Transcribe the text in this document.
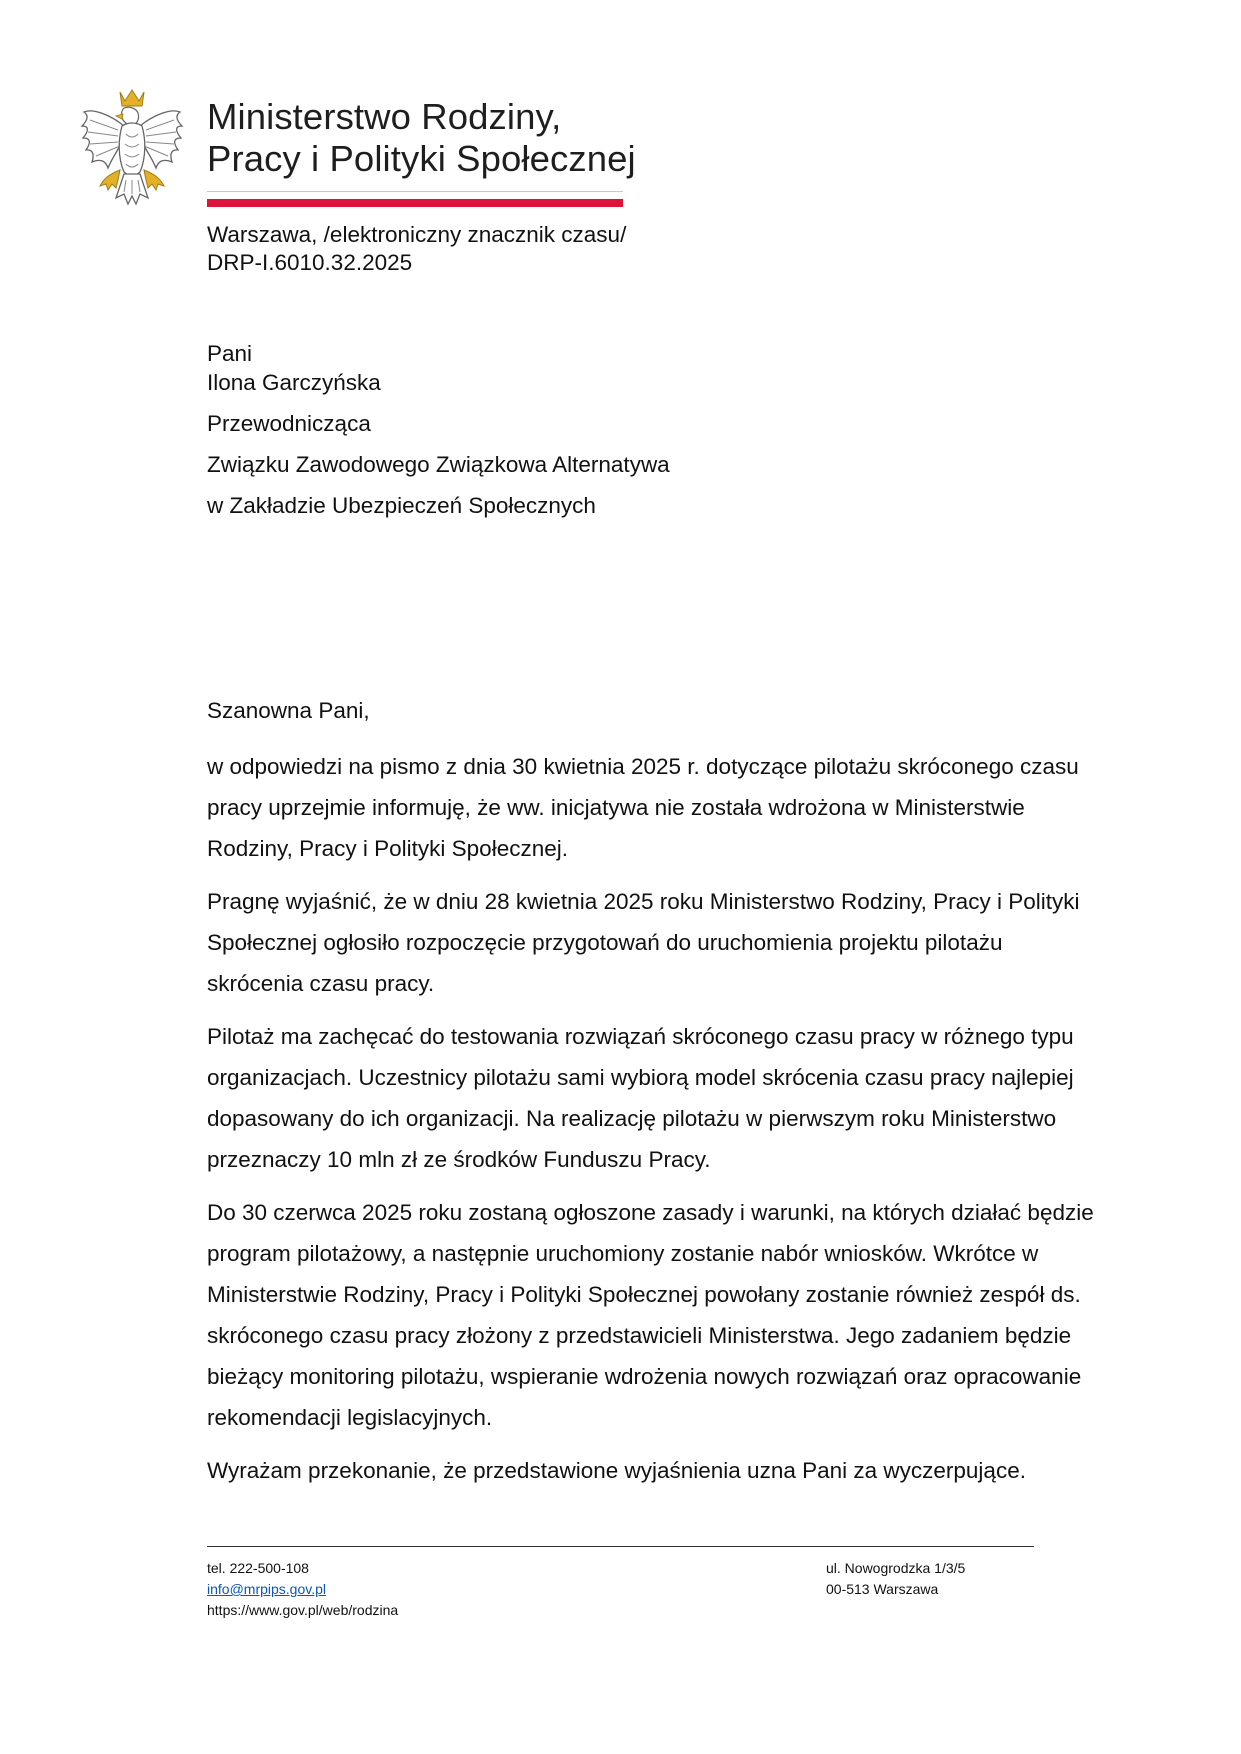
Ministerstwo Rodziny,
Pracy i Polityki Społecznej
Warszawa, /elektroniczny znacznik czasu/
DRP-I.6010.32.2025
Pani
Ilona Garczyńska
Przewodnicząca
Związku Zawodowego Związkowa Alternatywa
w Zakładzie Ubezpieczeń Społecznych
Szanowna Pani,
w odpowiedzi na pismo z dnia 30 kwietnia 2025 r. dotyczące pilotażu skróconego czasu
pracy uprzejmie informuję, że ww. inicjatywa nie została wdrożona w Ministerstwie
Rodziny, Pracy i Polityki Społecznej.
Pragnę wyjaśnić, że w dniu 28 kwietnia 2025 roku Ministerstwo Rodziny, Pracy i Polityki
Społecznej ogłosiło rozpoczęcie przygotowań do uruchomienia projektu pilotażu
skrócenia czasu pracy.
Pilotaż ma zachęcać do testowania rozwiązań skróconego czasu pracy w różnego typu
organizacjach. Uczestnicy pilotażu sami wybiorą model skrócenia czasu pracy najlepiej
dopasowany do ich organizacji. Na realizację pilotażu w pierwszym roku Ministerstwo
przeznaczy 10 mln zł ze środków Funduszu Pracy.
Do 30 czerwca 2025 roku zostaną ogłoszone zasady i warunki, na których działać będzie
program pilotażowy, a następnie uruchomiony zostanie nabór wniosków. Wkrótce w
Ministerstwie Rodziny, Pracy i Polityki Społecznej powołany zostanie również zespół ds.
skróconego czasu pracy złożony z przedstawicieli Ministerstwa. Jego zadaniem będzie
bieżący monitoring pilotażu, wspieranie wdrożenia nowych rozwiązań oraz opracowanie
rekomendacji legislacyjnych.
Wyrażam przekonanie, że przedstawione wyjaśnienia uzna Pani za wyczerpujące.
tel. 222-500-108
info@mrpips.gov.pl
https://www.gov.pl/web/rodzina
ul. Nowogrodzka 1/3/5
00-513 Warszawa
